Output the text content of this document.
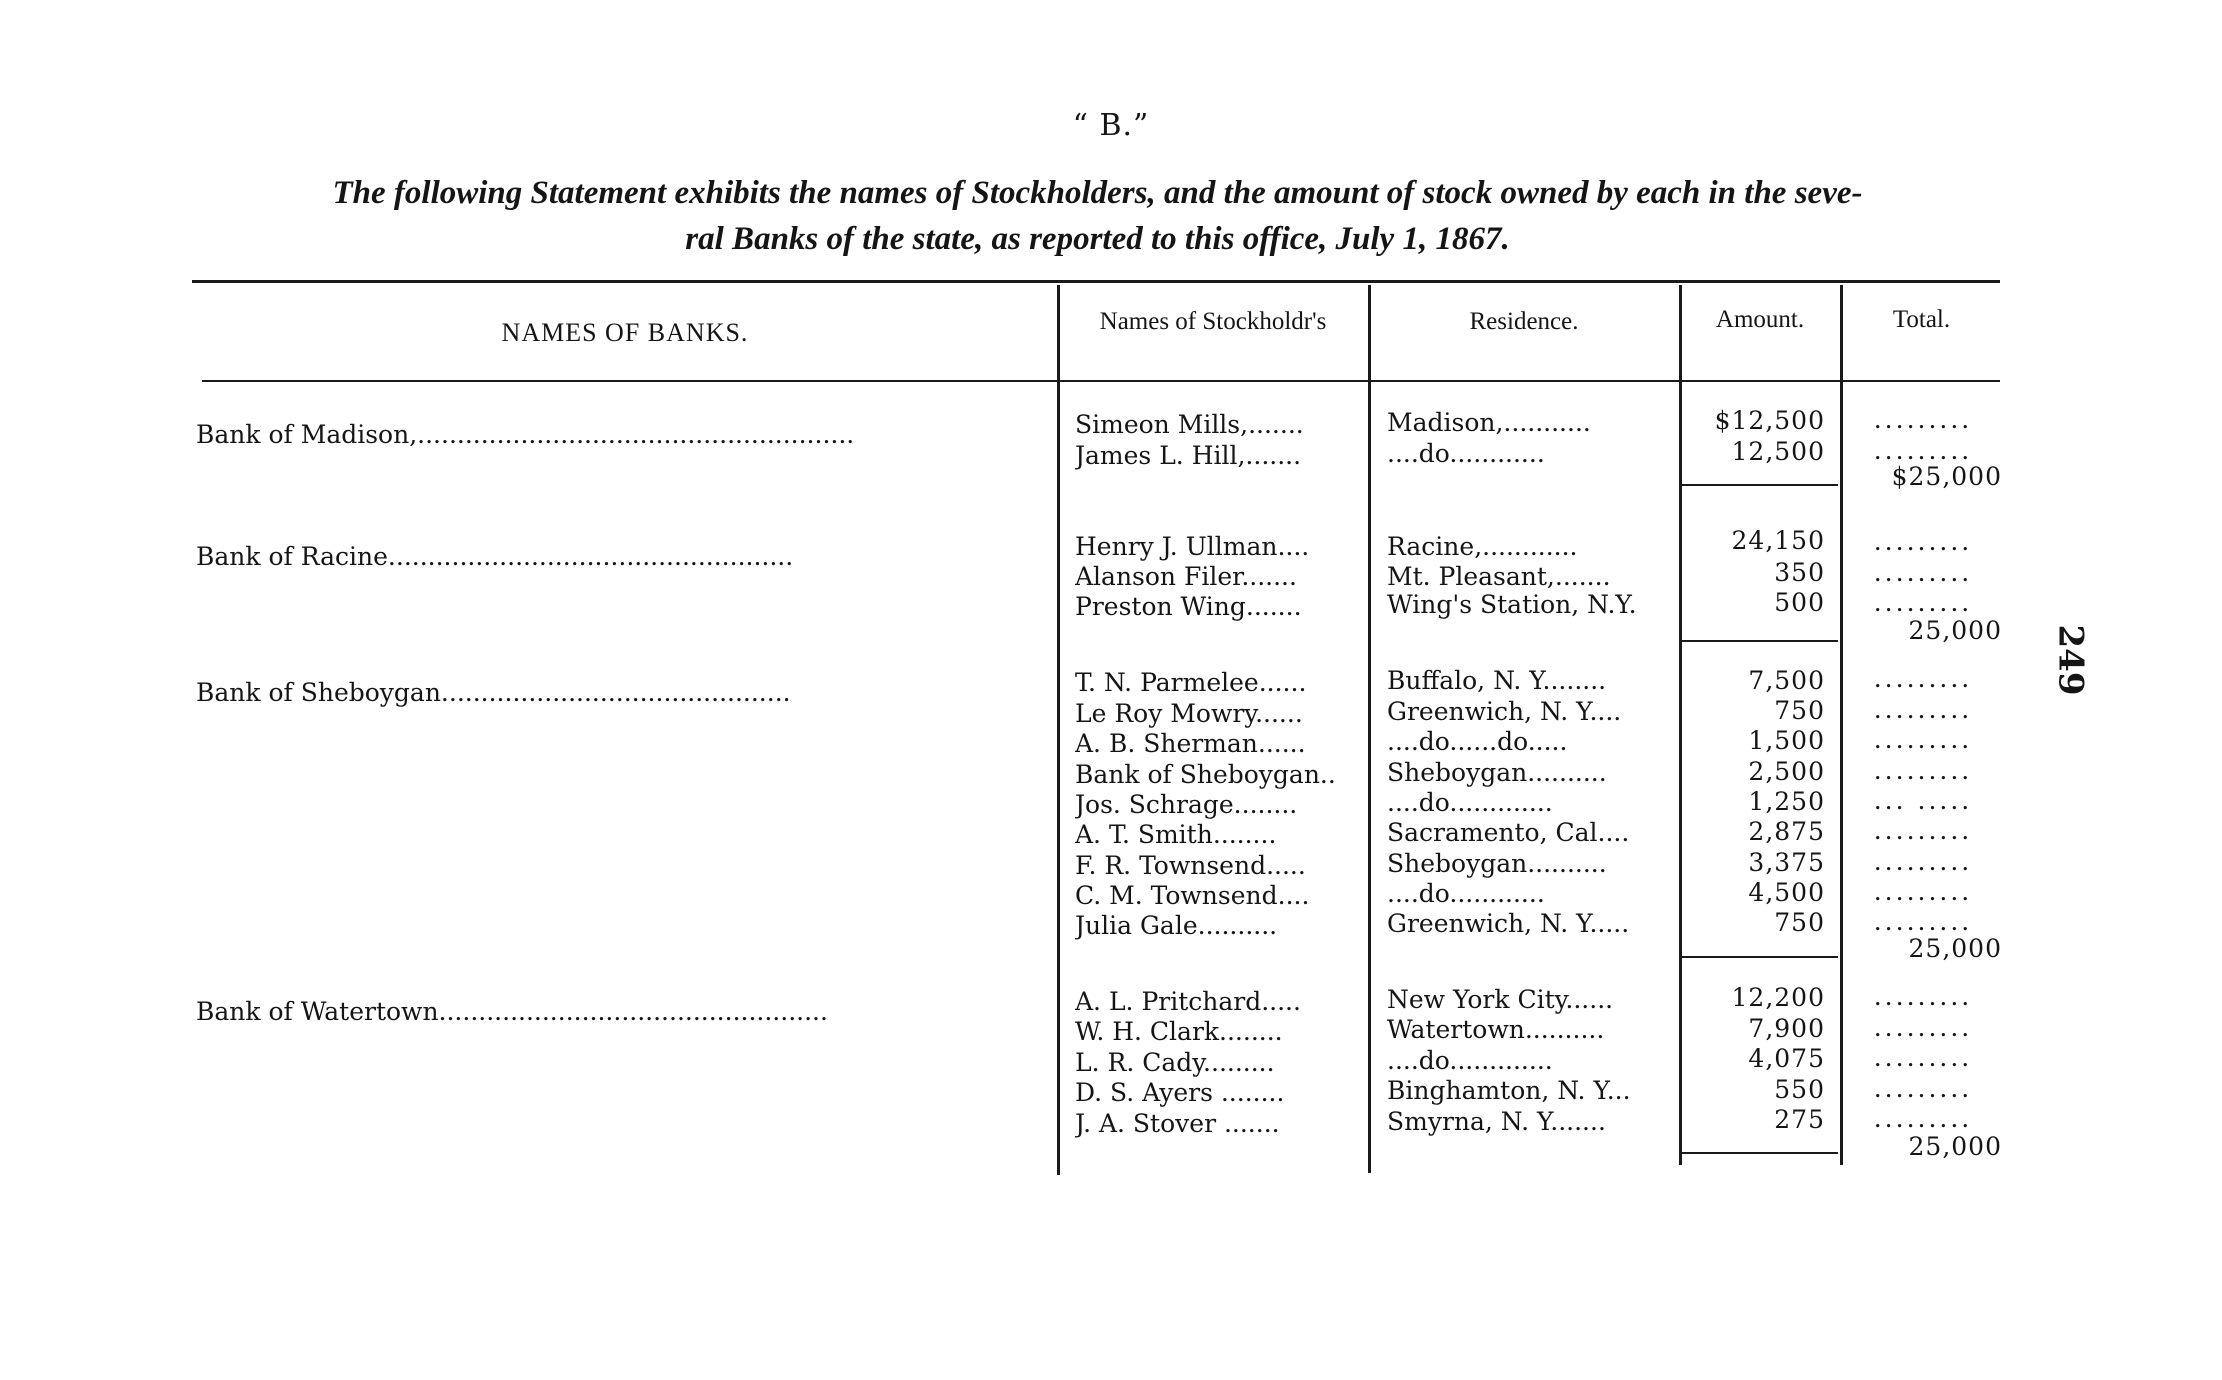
“ B.”
The following Statement exhibits the names of Stockholders, and the amount of stock owned by each in the seve-
ral Banks of the state, as reported to this office, July 1, 1867.
NAMES OF BANKS.	Names of Stockholdr's	Residence.	Amount.	Total.
Bank of Madison,.......................................................	Simeon Mills,.......	Madison,...........	$12,500	.........
James L. Hill,.......	....do............	12,500	.........
$25,000
Bank of Racine...................................................	Henry J. Ullman....	Racine,............	24,150	.........
Alanson Filer.......	Mt. Pleasant,.......	350	.........
Preston Wing.......	Wing's Station, N.Y.	500	.........
25,000
Bank of Sheboygan............................................	T. N. Parmelee......	Buffalo, N. Y........	7,500	.........
Le Roy Mowry......	Greenwich, N. Y....	750	.........
A. B. Sherman......	....do......do.....	1,500	.........
Bank of Sheboygan..	Sheboygan..........	2,500	.........
Jos. Schrage........	....do.............	1,250	... .....
A. T. Smith........	Sacramento, Cal....	2,875	.........
F. R. Townsend.....	Sheboygan..........	3,375	.........
C. M. Townsend....	....do............	4,500	.........
Julia Gale..........	Greenwich, N. Y.....	750	.........
25,000
Bank of Watertown.................................................	A. L. Pritchard.....	New York City......	12,200	.........
W. H. Clark........	Watertown..........	7,900	.........
L. R. Cady.........	....do.............	4,075	.........
D. S. Ayers ........	Binghamton, N. Y...	550	.........
J. A. Stover .......	Smyrna, N. Y.......	275	.........
25,000
249
